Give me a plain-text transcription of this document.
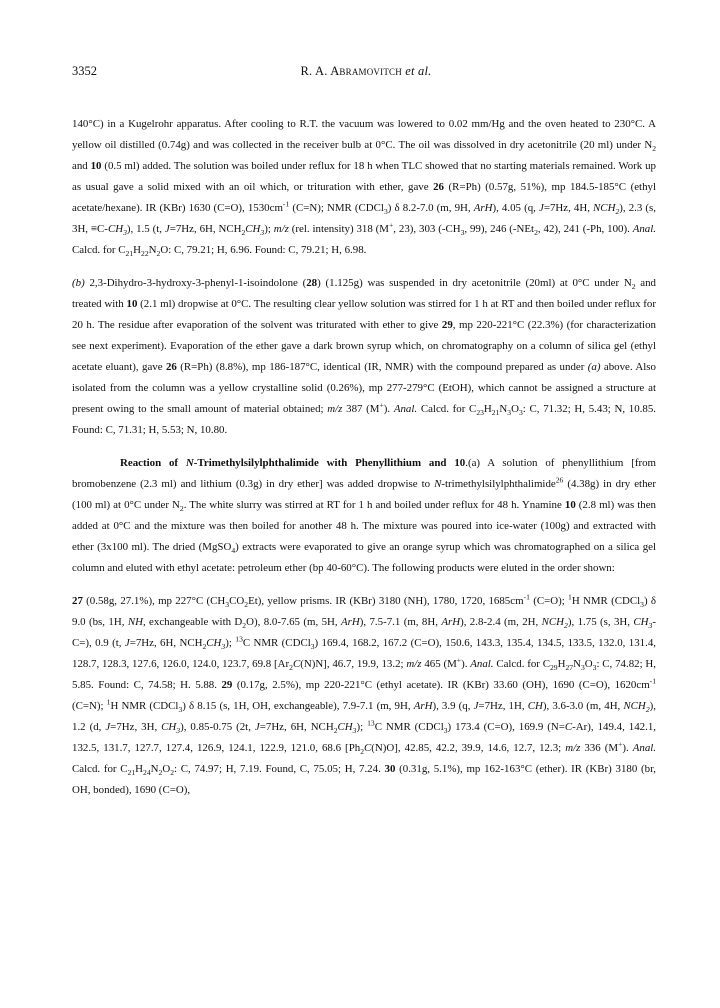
3352	R. A. Abramovitch et al.

140°C) in a Kugelrohr apparatus. After cooling to R.T. the vacuum was lowered to 0.02 mm/Hg and the oven heated to 230°C. A yellow oil distilled (0.74g) and was collected in the receiver bulb at 0°C. The oil was dissolved in dry acetonitrile (20 ml) under $N_2$ and 10 (0.5 ml) added. The solution was boiled under reflux for 18 h when TLC showed that no starting materials remained. Work up as usual gave a solid mixed with an oil which, or trituration with ether, gave 26 (R=Ph) (0.57g, 51%), mp 184.5-185°C (ethyl acetate/hexane). IR (KBr) 1630 (C=O), $1530cm^{-1}$ (C=N); NMR (CDCl$_3$) δ 8.2-7.0 (m, 9H, ArH), 4.05 (q, J=7Hz, 4H, $NCH_2$), 2.3 (s, 3H, $\equiv C-CH_3$), 1.5 (t, J=7Hz, 6H, $NCH_2CH_3$); m/z (rel. intensity) 318 (M+, 23), 303 ($-CH_3$, 99), 246 (-NEt$_2$, 42), 241 (-Ph, 100). Anal. Calcd. for $C_{21}H_{22}N_2O$: C, 79.21; H, 6.96. Found: C, 79.21; H, 6.98.

(b) 2,3-Dihydro-3-hydroxy-3-phenyl-1-isoindolone (28) (1.125g) was suspended in dry acetonitrile (20ml) at 0°C under $N_2$ and treated with 10 (2.1 ml) dropwise at 0°C. The resulting clear yellow solution was stirred for 1 h at RT and then boiled under reflux for 20 h. The residue after evaporation of the solvent was triturated with ether to give 29, mp 220-221°C (22.3%) (for characterization see next experiment). Evaporation of the ether gave a dark brown syrup which, on chromatography on a column of silica gel (ethyl acetate eluant), gave 26 (R=Ph) (8.8%), mp 186-187°C, identical (IR, NMR) with the compound prepared as under (a) above. Also isolated from the column was a yellow crystalline solid (0.26%), mp 277-279°C (EtOH), which cannot be assigned a structure at present owing to the small amount of material obtained; m/z 387 (M+). Anal. Calcd. for $C_{23}H_{21}N_3O_3$: C, 71.32; H, 5.43; N, 10.85. Found: C, 71.31; H, 5.53; N, 10.80.

Reaction of N-Trimethylsilylphthalimide with Phenyllithium and 10.(a) A solution of phenyllithium [from bromobenzene (2.3 ml) and lithium (0.3g) in dry ether] was added dropwise to N-trimethylsilylphthalimide$^{26}$ (4.38g) in dry ether (100 ml) at 0°C under $N_2$. The white slurry was stirred at RT for 1 h and boiled under reflux for 48 h. Ynamine 10 (2.8 ml) was then added at 0°C and the mixture was then boiled for another 48 h. The mixture was poured into ice-water (100g) and extracted with ether (3x100 ml). The dried (MgSO$_4$) extracts were evaporated to give an orange syrup which was chromatographed on a silica gel column and eluted with ethyl acetate: petroleum ether (bp 40-60°C). The following products were eluted in the order shown:

27 (0.58g, 27.1%), mp 227°C $(CH_3CO_2Et)$, yellow prisms. IR (KBr) 3180 (NH), 1780, 1720, $1685cm^{-1}$ (C=O); $^1$H NMR (CDCl$_3$) δ 9.0 (bs, 1H, NH, exchangeable with $D_2O$), 8.0-7.65 (m, 5H, ArH), 7.5-7.1 (m, 8H, ArH), 2.8-2.4 (m, 2H, $NCH_2$), 1.75 (s, 3H, $CH_3-C=$), 0.9 (t, J=7Hz, 6H, $NCH_2CH_3$); $^{13}$C NMR (CDCl$_3$) 169.4, 168.2, 167.2 (C=O), 150.6, 143.3, 135.4, 134.5, 133.5, 132.0, 131.4, 128.7, 128.3, 127.6, 126.0, 124.0, 123.7, 69.8 $[Ar_2C(N)N]$, 46.7, 19.9, 13.2; m/z 465 (M+). Anal. Calcd. for $C_{29}H_{27}N_3O_3$: C, 74.82; H, 5.85. Found: C, 74.58; H. 5.88. 29 (0.17g, 2.5%), mp 220-221°C (ethyl acetate). IR (KBr) 33.60 (OH), 1690 (C=O), $1620cm^{-1}$ (C=N); $^1$H NMR (CDCl$_3$) δ 8.15 (s, 1H, OH, exchangeable), 7.9-7.1 (m, 9H, ArH), 3.9 (q, J=7Hz, 1H, CH), 3.6-3.0 (m, 4H, $NCH_2$), 1.2 (d, J=7Hz, 3H, $CH_3$), 0.85-0.75 (2t, J=7Hz, 6H, $NCH_2CH_3$); $^{13}$C NMR (CDCl$_3$) 173.4 (C=O), 169.9 (N=C-Ar), 149.4, 142.1, 132.5, 131.7, 127.7, 127.4, 126.9, 124.1, 122.9, 121.0, 68.6 $[Ph_2C(N)O]$, 42.85, 42.2, 39.9, 14.6, 12.7, 12.3; m/z 336 (M+). Anal. Calcd. for $C_{21}H_{24}N_2O_2$: C, 74.97; H, 7.19. Found, C, 75.05; H, 7.24. 30 (0.31g, 5.1%), mp 162-163°C (ether). IR (KBr) 3180 (br, OH, bonded), 1690 (C=O),
